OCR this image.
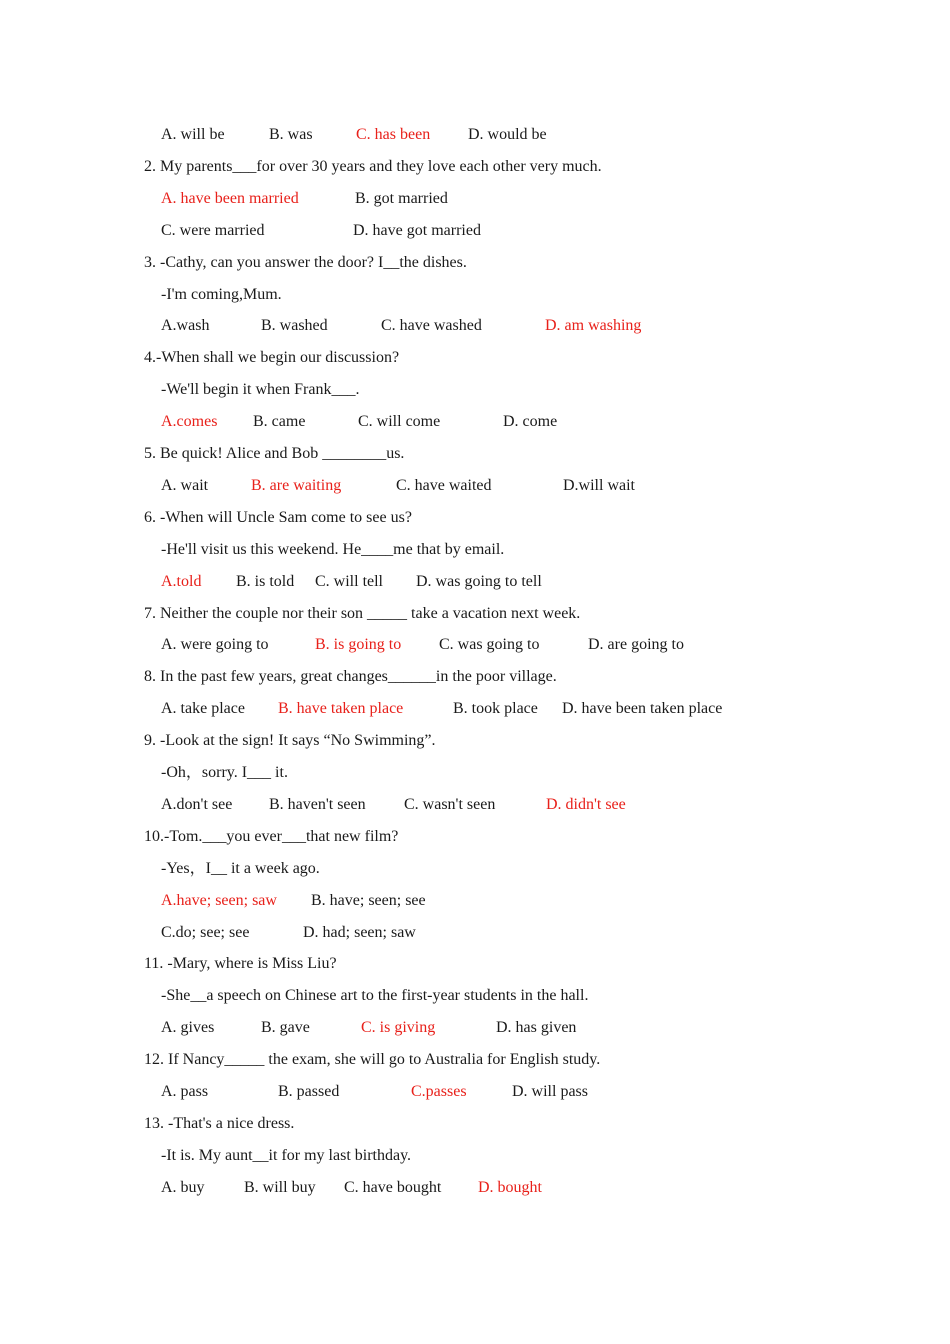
A. will be	B. was	C. has been D. would be
2. My parents___for over 30 years and they love each other very much.
A. have been married	B. got married
C. were married	D. have got married
3. -Cathy, can you answer the door? I__the dishes.
-I'm coming,Mum.
A.wash	B. washed	C. have washed	D. am washing
4.-When shall we begin our discussion?
-We'll begin it when Frank___.
A.comes B. came	C. will come	D. come
5. Be quick! Alice and Bob ________us.
A. wait	B. are waiting	C. have waited	D.will wait
6. -When will Uncle Sam come to see us?
-He'll visit us this weekend. He____me that by email.
A.told B. is told C. will tell D. was going to tell
7. Neither the couple nor their son _____ take a vacation next week.
A. were going to	B. is going to C. was going to	D. are going to
8. In the past few years, great changes______in the poor village.
A. take place B. have taken place	B. took place D. have been taken place
9. -Look at the sign! It says “No Swimming”.
-Oh，sorry. I___ it.
A.don't see B. haven't seen C. wasn't seen	D. didn't see
10.-Tom.___you ever___that new film?
-Yes，I__ it a week ago.
A.have; seen; saw B. have; seen; see
C.do; see; see	D. had; seen; saw
11. -Mary, where is Miss Liu?
-She__a speech on Chinese art to the first-year students in the hall.
A. gives	B. gave	C. is giving	D. has given
12. If Nancy_____ the exam, she will go to Australia for English study.
A. pass	B. passed	C.passes	D. will pass
13. -That's a nice dress.
-It is. My aunt__it for my last birthday.
A. buy B. will buy C. have bought D. bought
